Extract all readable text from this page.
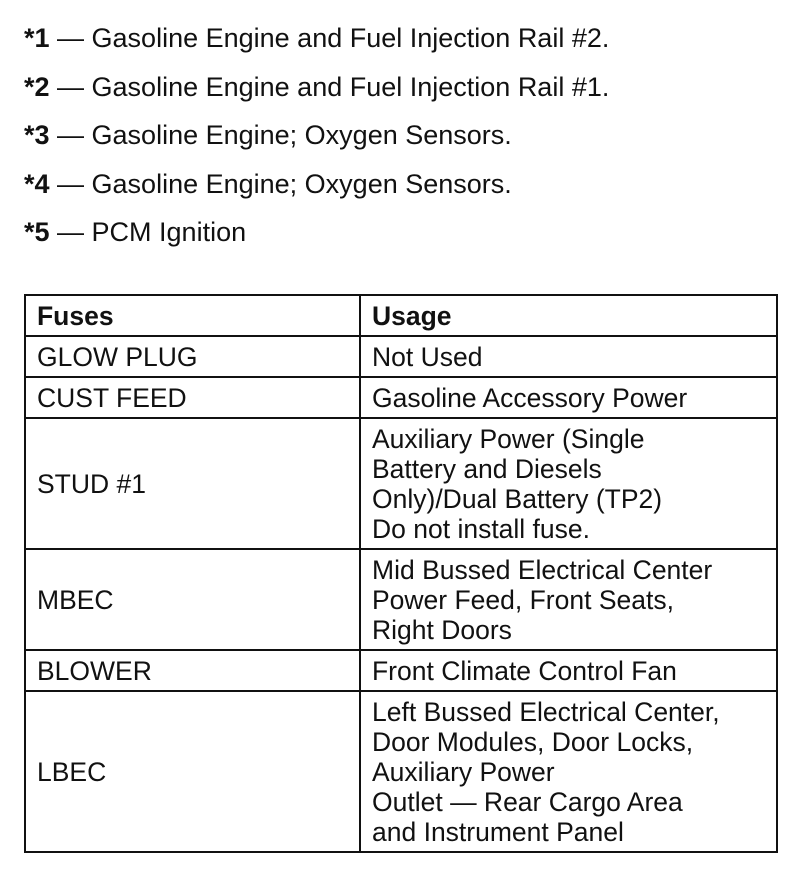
*1 — Gasoline Engine and Fuel Injection Rail #2.
*2 — Gasoline Engine and Fuel Injection Rail #1.
*3 — Gasoline Engine; Oxygen Sensors.
*4 — Gasoline Engine; Oxygen Sensors.
*5 — PCM Ignition
Fuses	Usage
GLOW PLUG	Not Used

CUST FEED	Gasoline Accessory Power

STUD #1	Auxiliary Power (Single
Battery and Diesels
Only)/Dual Battery (TP2)
Do not install fuse.

MBEC	Mid Bussed Electrical Center
Power Feed, Front Seats,
Right Doors

BLOWER	Front Climate Control Fan

LBEC	Left Bussed Electrical Center,
Door Modules, Door Locks,
Auxiliary Power
Outlet — Rear Cargo Area
and Instrument Panel
